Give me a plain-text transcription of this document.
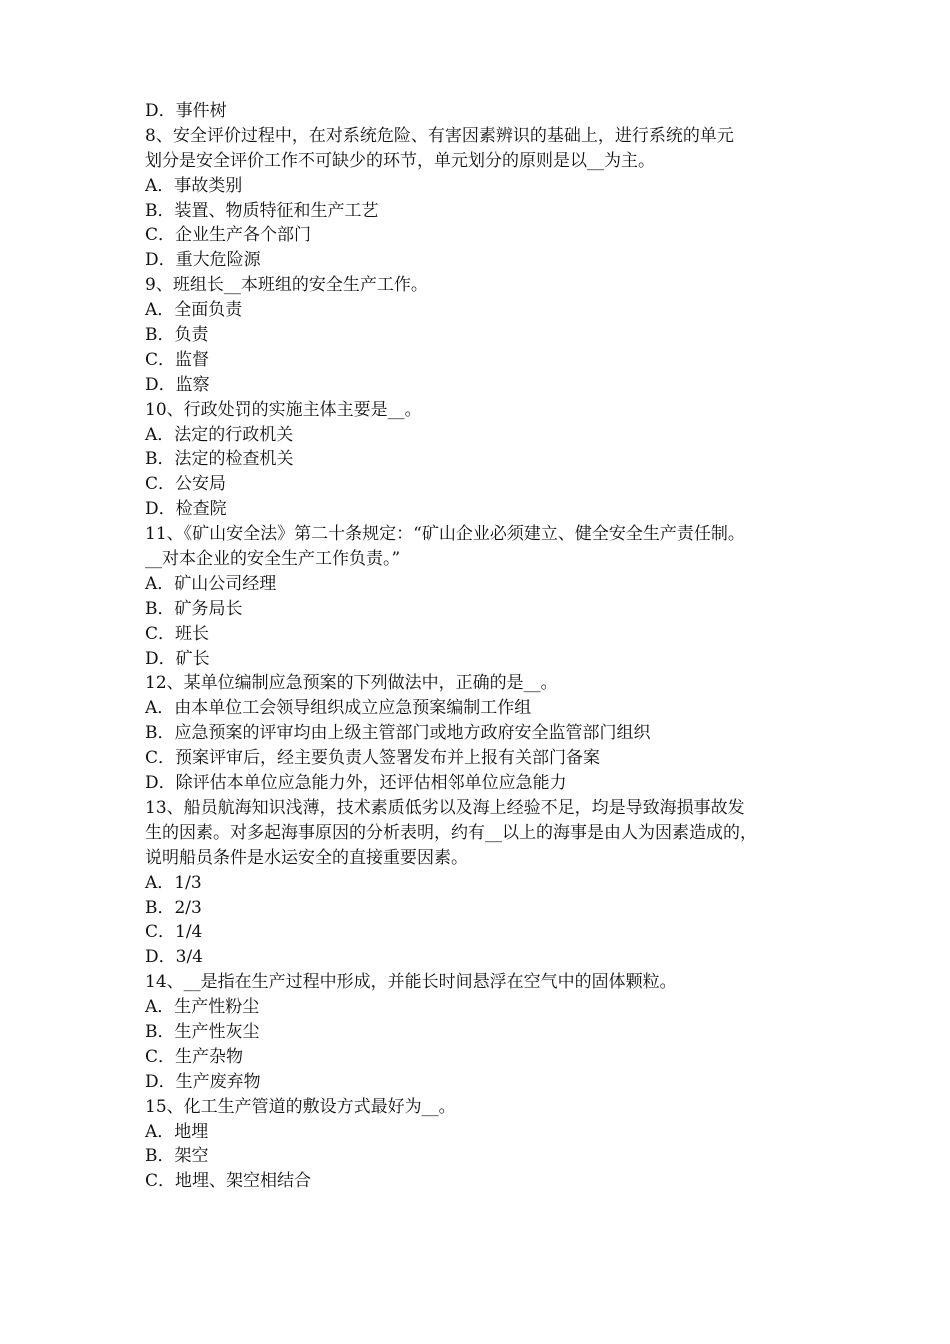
D．事件树
8、安全评价过程中，在对系统危险、有害因素辨识的基础上，进行系统的单元
划分是安全评价工作不可缺少的环节，单元划分的原则是以__为主。
A．事故类别
B．装置、物质特征和生产工艺
C．企业生产各个部门
D．重大危险源
9、班组长__本班组的安全生产工作。
A．全面负责
B．负责
C．监督
D．监察
10、行政处罚的实施主体主要是__。
A．法定的行政机关
B．法定的检查机关
C．公安局
D．检查院
11、《矿山安全法》第二十条规定：“矿山企业必须建立、健全安全生产责任制。
__对本企业的安全生产工作负责。”
A．矿山公司经理
B．矿务局长
C．班长
D．矿长
12、某单位编制应急预案的下列做法中，正确的是__。
A．由本单位工会领导组织成立应急预案编制工作组
B．应急预案的评审均由上级主管部门或地方政府安全监管部门组织
C．预案评审后，经主要负责人签署发布并上报有关部门备案
D．除评估本单位应急能力外，还评估相邻单位应急能力
13、船员航海知识浅薄，技术素质低劣以及海上经验不足，均是导致海损事故发
生的因素。对多起海事原因的分析表明，约有__以上的海事是由人为因素造成的，
说明船员条件是水运安全的直接重要因素。
A．1/3
B．2/3
C．1/4
D．3/4
14、__是指在生产过程中形成，并能长时间悬浮在空气中的固体颗粒。
A．生产性粉尘
B．生产性灰尘
C．生产杂物
D．生产废弃物
15、化工生产管道的敷设方式最好为__。
A．地埋
B．架空
C．地埋、架空相结合
